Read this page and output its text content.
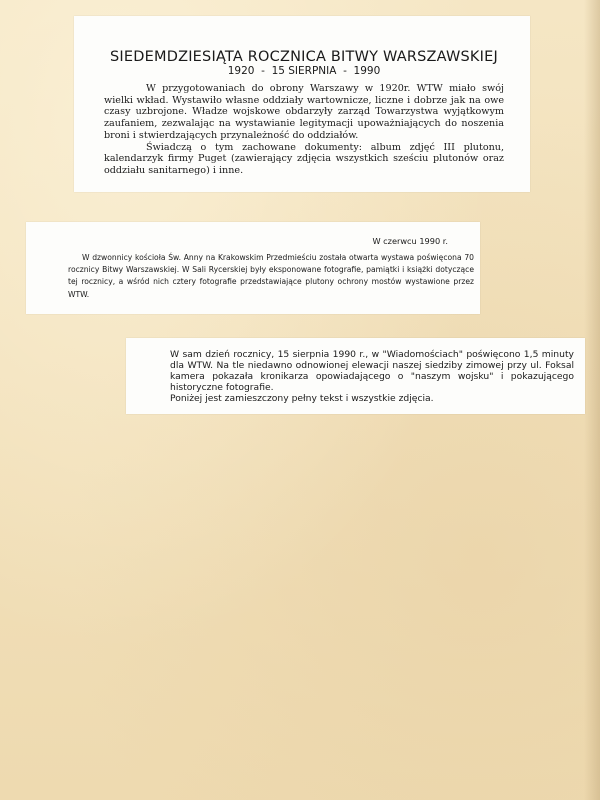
SIEDEMDZIESIĄTA ROCZNICA BITWY WARSZAWSKIEJ
1920  -  15 SIERPNIA  -  1990

W przygotowaniach do obrony Warszawy w 1920r. WTW miało swój wielki wkład. Wystawiło własne oddziały wartownicze, liczne i dobrze jak na owe czasy uzbrojone. Władze wojskowe obdarzyły zarząd Towarzystwa wyjątkowym zaufaniem, zezwalając na wystawianie legitymacji upoważniających do noszenia broni i stwierdzających przynależność do oddziałów.

Świadczą o tym zachowane dokumenty: album zdjęć III plutonu, kalendarzyk firmy Puget (zawierający zdjęcia wszystkich sześciu plutonów oraz oddziału sanitarnego) i inne.

W czerwcu 1990 r.

W dzwonnicy kościoła Św. Anny na Krakowskim Przedmieściu została otwarta wystawa poświęcona 70 rocznicy Bitwy Warszawskiej. W Sali Rycerskiej były eksponowane fotografie, pamiątki i książki dotyczące tej rocznicy, a wśród nich cztery fotografie przedstawiające plutony ochrony mostów wystawione przez WTW.

W sam dzień rocznicy, 15 sierpnia 1990 r., w "Wiadomościach" poświęcono 1,5 minuty dla WTW. Na tle niedawno odnowionej elewacji naszej siedziby zimowej przy ul. Foksal kamera pokazała kronikarza opowiadającego o "naszym wojsku" i pokazującego historyczne fotografie.

Poniżej jest zamieszczony pełny tekst i wszystkie zdjęcia.
